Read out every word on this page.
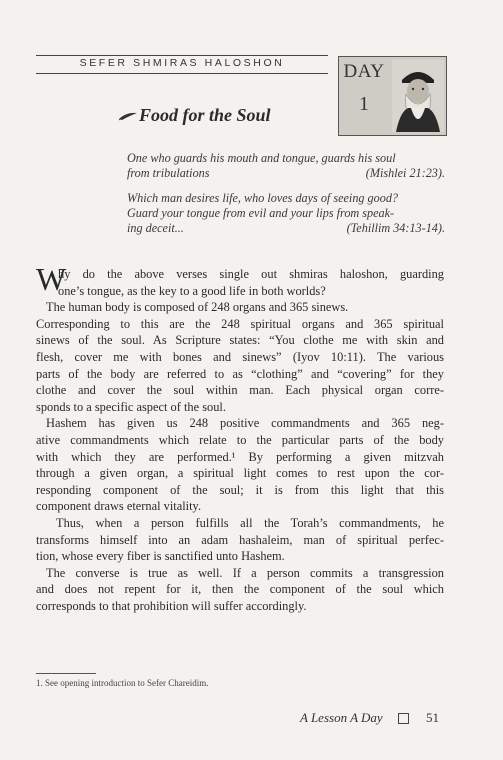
SEFER SHMIRAS HALOSHON	DAY
1
Food for the Soul
One who guards his mouth and tongue, guards his soul
from tribulations	(Mishlei 21:23).
Which man desires life, who loves days of seeing good?
Guard your tongue from evil and your lips from speak-
ing deceit...	(Tehillim 34:13-14).
W
hy do the above verses single out shmiras haloshon, guarding
one’s tongue, as the key to a good life in both worlds?
The human body is composed of 248 organs and 365 sinews.
Corresponding to this are the 248 spiritual organs and 365 spiritual
sinews of the soul. As Scripture states: “You clothe me with skin and
flesh, cover me with bones and sinews” (Iyov 10:11). The various
parts of the body are referred to as “clothing” and “covering” for they
clothe and cover the soul within man. Each physical organ corre-
sponds to a specific aspect of the soul.
Hashem has given us 248 positive commandments and 365 neg-
ative commandments which relate to the particular parts of the body
with which they are performed.¹ By performing a given mitzvah
through a given organ, a spiritual light comes to rest upon the cor-
responding component of the soul; it is from this light that this
component draws eternal vitality.
Thus, when a person fulfills all the Torah’s commandments, he
transforms himself into an adam hashaleim, man of spiritual perfec-
tion, whose every fiber is sanctified unto Hashem.
The converse is true as well. If a person commits a transgression
and does not repent for it, then the component of the soul which
corresponds to that prohibition will suffer accordingly.
1. See opening introduction to Sefer Chareidim.
A Lesson A Day	51
